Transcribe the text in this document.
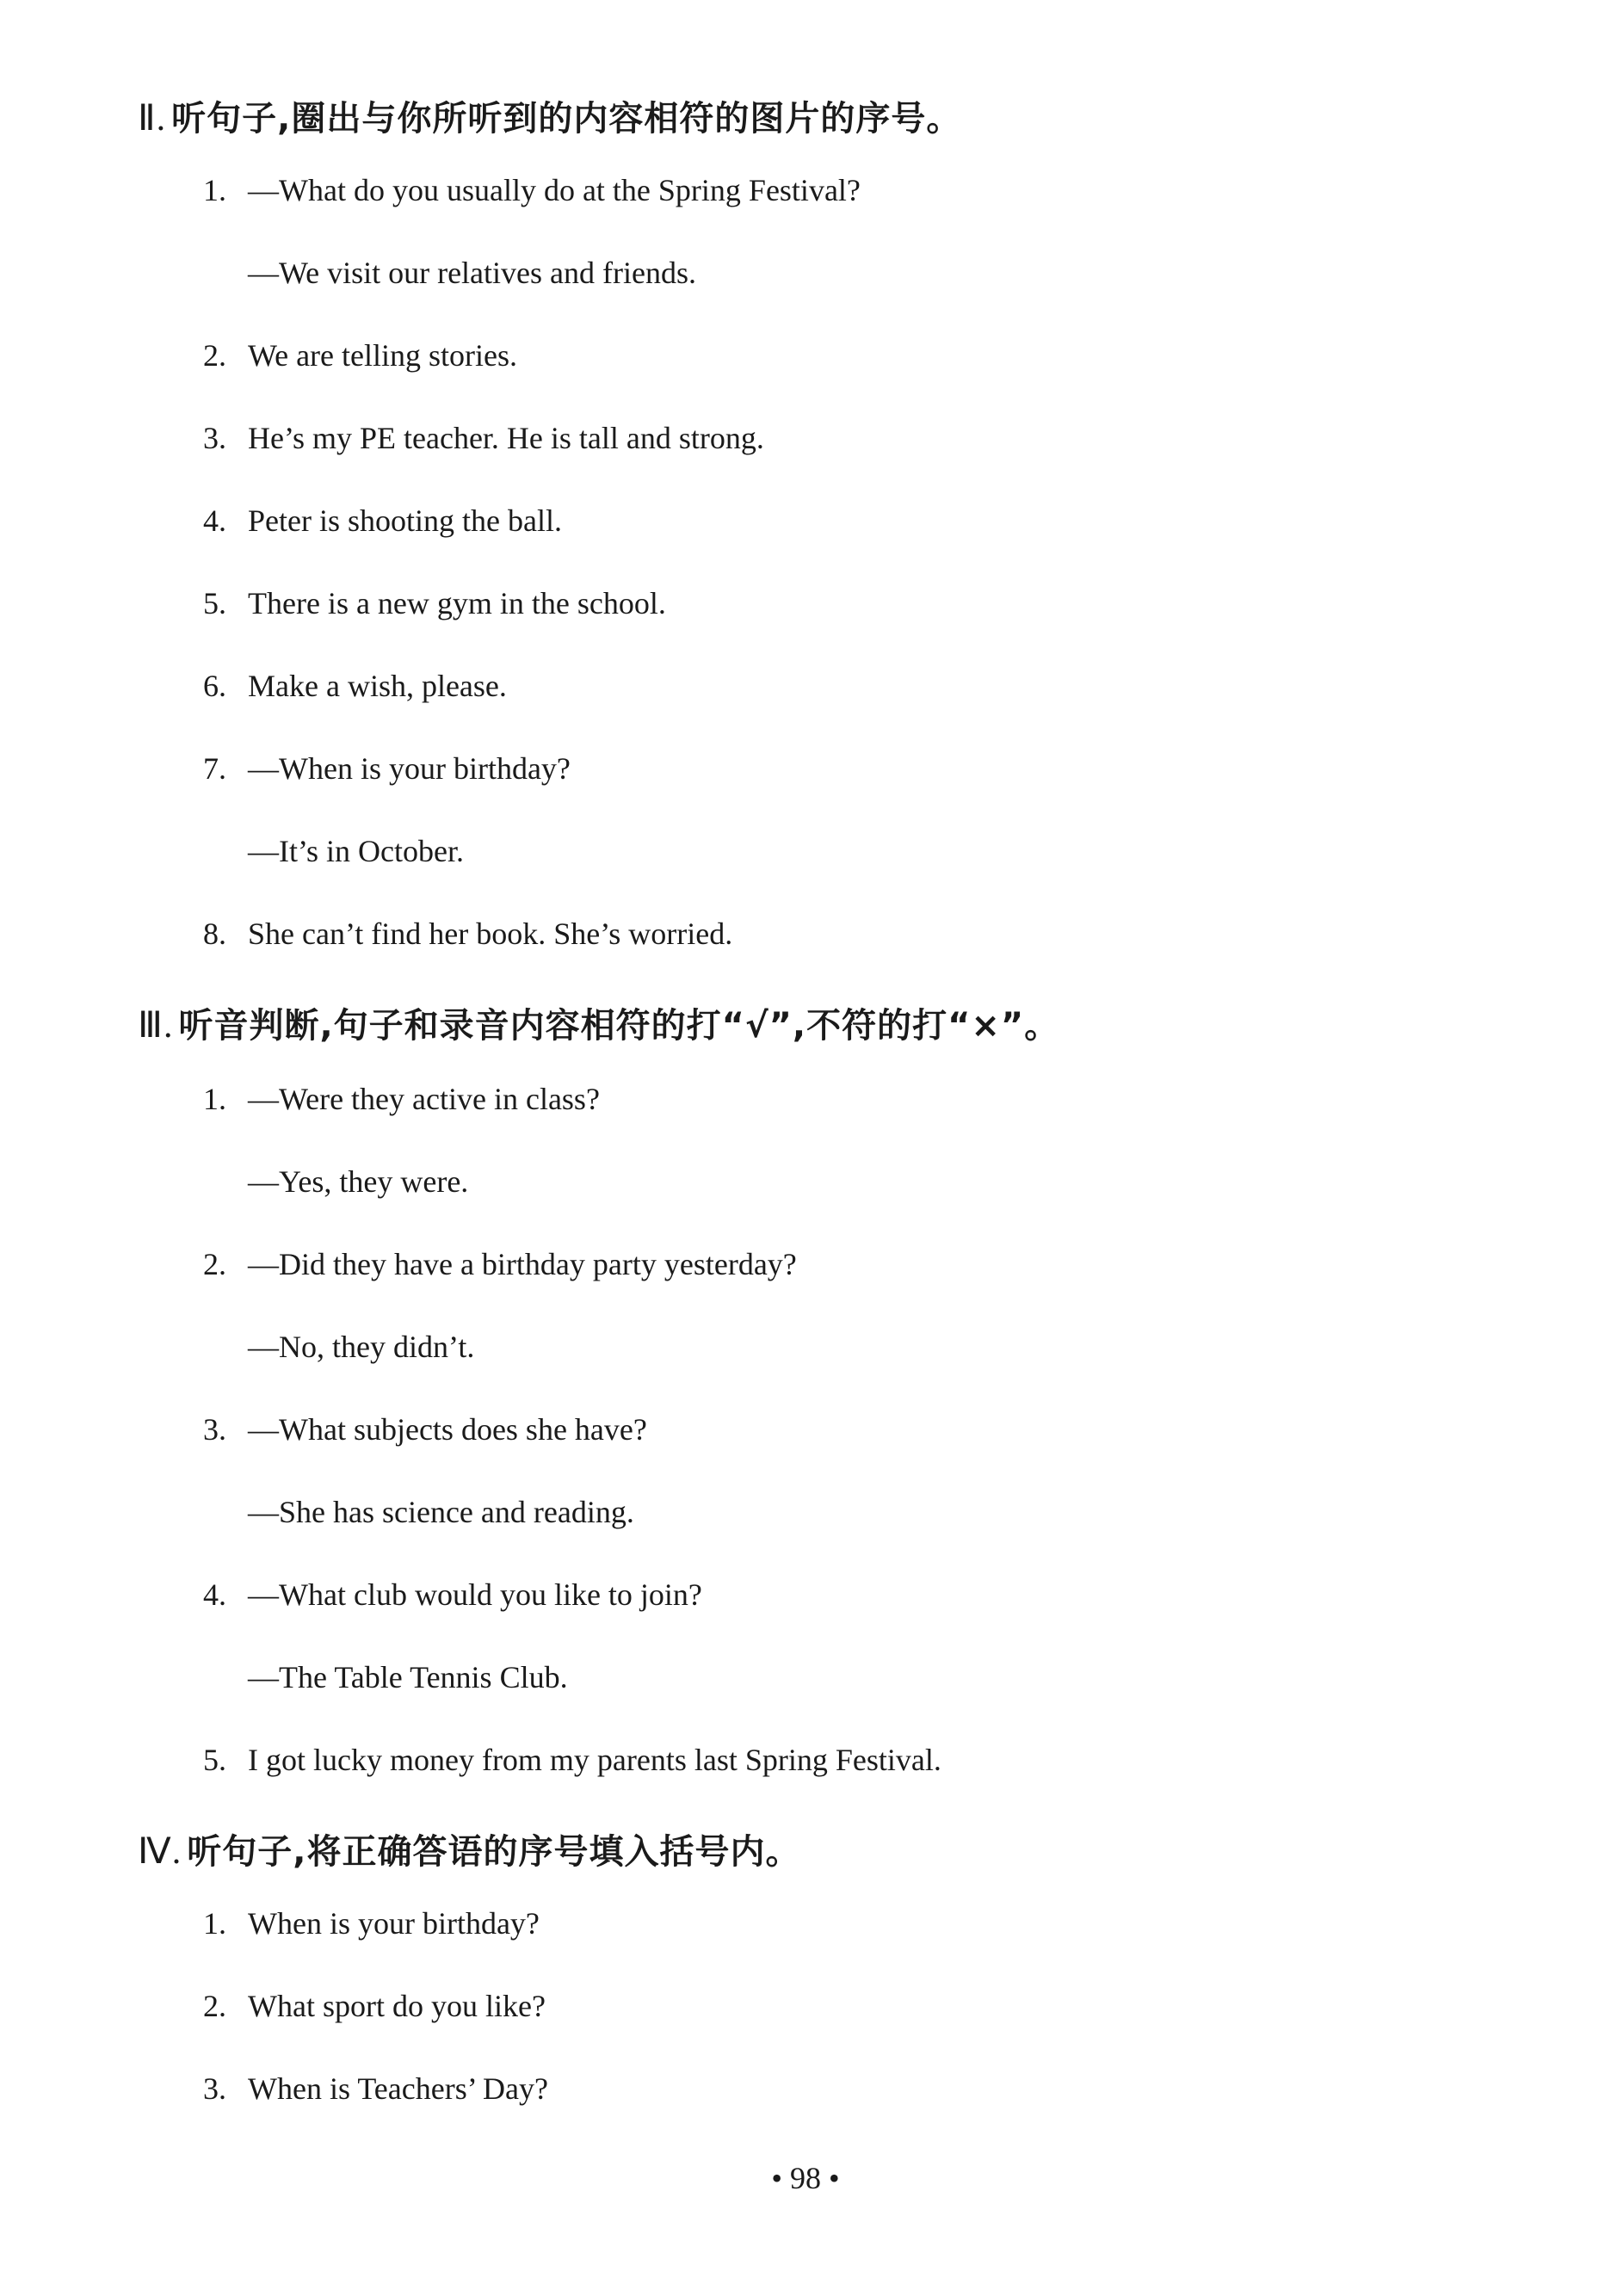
Ⅱ. 听句子,圈出与你所听到的内容相符的图片的序号。
1. —What do you usually do at the Spring Festival?
—We visit our relatives and friends.
2. We are telling stories.
3. He’s my PE teacher. He is tall and strong.
4. Peter is shooting the ball.
5. There is a new gym in the school.
6. Make a wish, please.
7. —When is your birthday?
—It’s in October.
8. She can’t find her book. She’s worried.
Ⅲ. 听音判断,句子和录音内容相符的打“√”,不符的打“×”。
1. —Were they active in class?
—Yes, they were.
2. —Did they have a birthday party yesterday?
—No, they didn’t.
3. —What subjects does she have?
—She has science and reading.
4. —What club would you like to join?
—The Table Tennis Club.
5. I got lucky money from my parents last Spring Festival.
Ⅳ. 听句子,将正确答语的序号填入括号内。
1. When is your birthday?
2. What sport do you like?
3. When is Teachers’ Day?
• 98 •
